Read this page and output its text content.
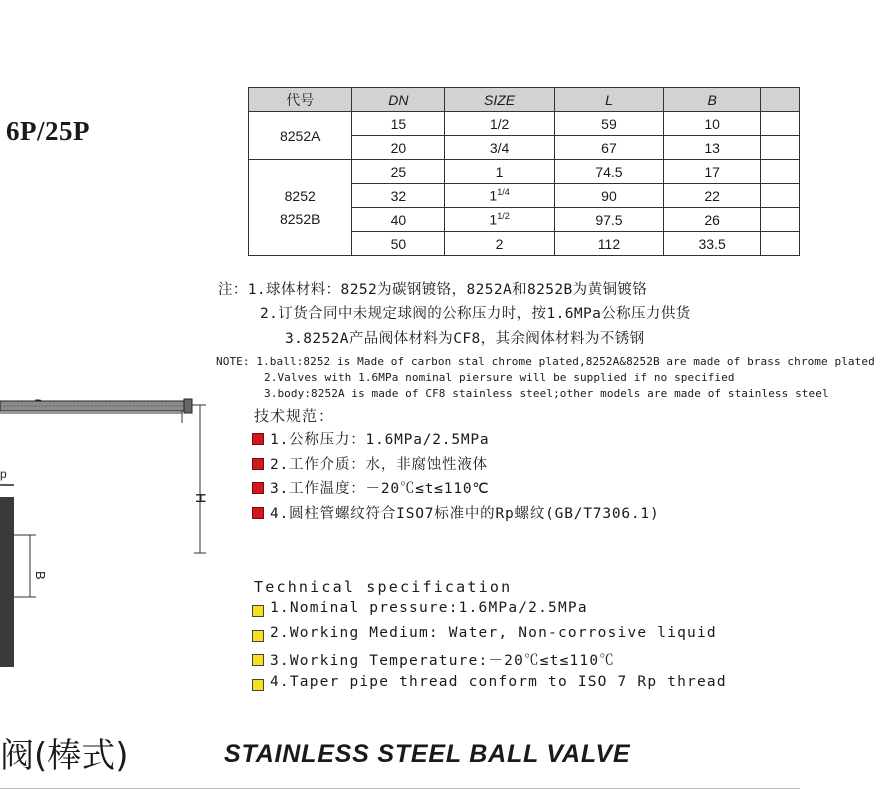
6P/25P
代号	DN	SIZE	L	B	
8252A	15	1/2	59	10	
	20	3/4	67	13	

8252
8252B	25	1	74.5	17	
	32	$1^{1/4}$	90	22	
	40	$1^{1/2}$	97.5	26	
	50	2	112	33.5	
注：1.球体材料：8252为碳钢镀铬，8252A和8252B为黄铜镀铬
2.订货合同中未规定球阀的公称压力时，按1.6MPa公称压力供货
3.8252A产品阀体材料为CF8，其余阀体材料为不锈钢
NOTE: 1.ball:8252 is Made of carbon stal chrome plated,8252A&8252B are made of brass chrome plated
2.Valves with 1.6MPa nominal piersure will be supplied if no specified
3.body:8252A is made of CF8 stainless steel;other models are made of stainless steel
H
p
B
技术规范：
1.公称压力：1.6MPa/2.5MPa
2.工作介质：水，非腐蚀性液体
3.工作温度：－20℃≤t≤110℃
4.圆柱管螺纹符合ISO7标准中的Rp螺纹(GB/T7306.1)
Technical specification
1.Nominal pressure:1.6MPa/2.5MPa
2.Working Medium: Water, Non-corrosive liquid
3.Working Temperature:－20℃≤t≤110℃
4.Taper pipe thread conform to ISO 7 Rp thread
阀(棒式)	STAINLESS STEEL BALL VALVE
